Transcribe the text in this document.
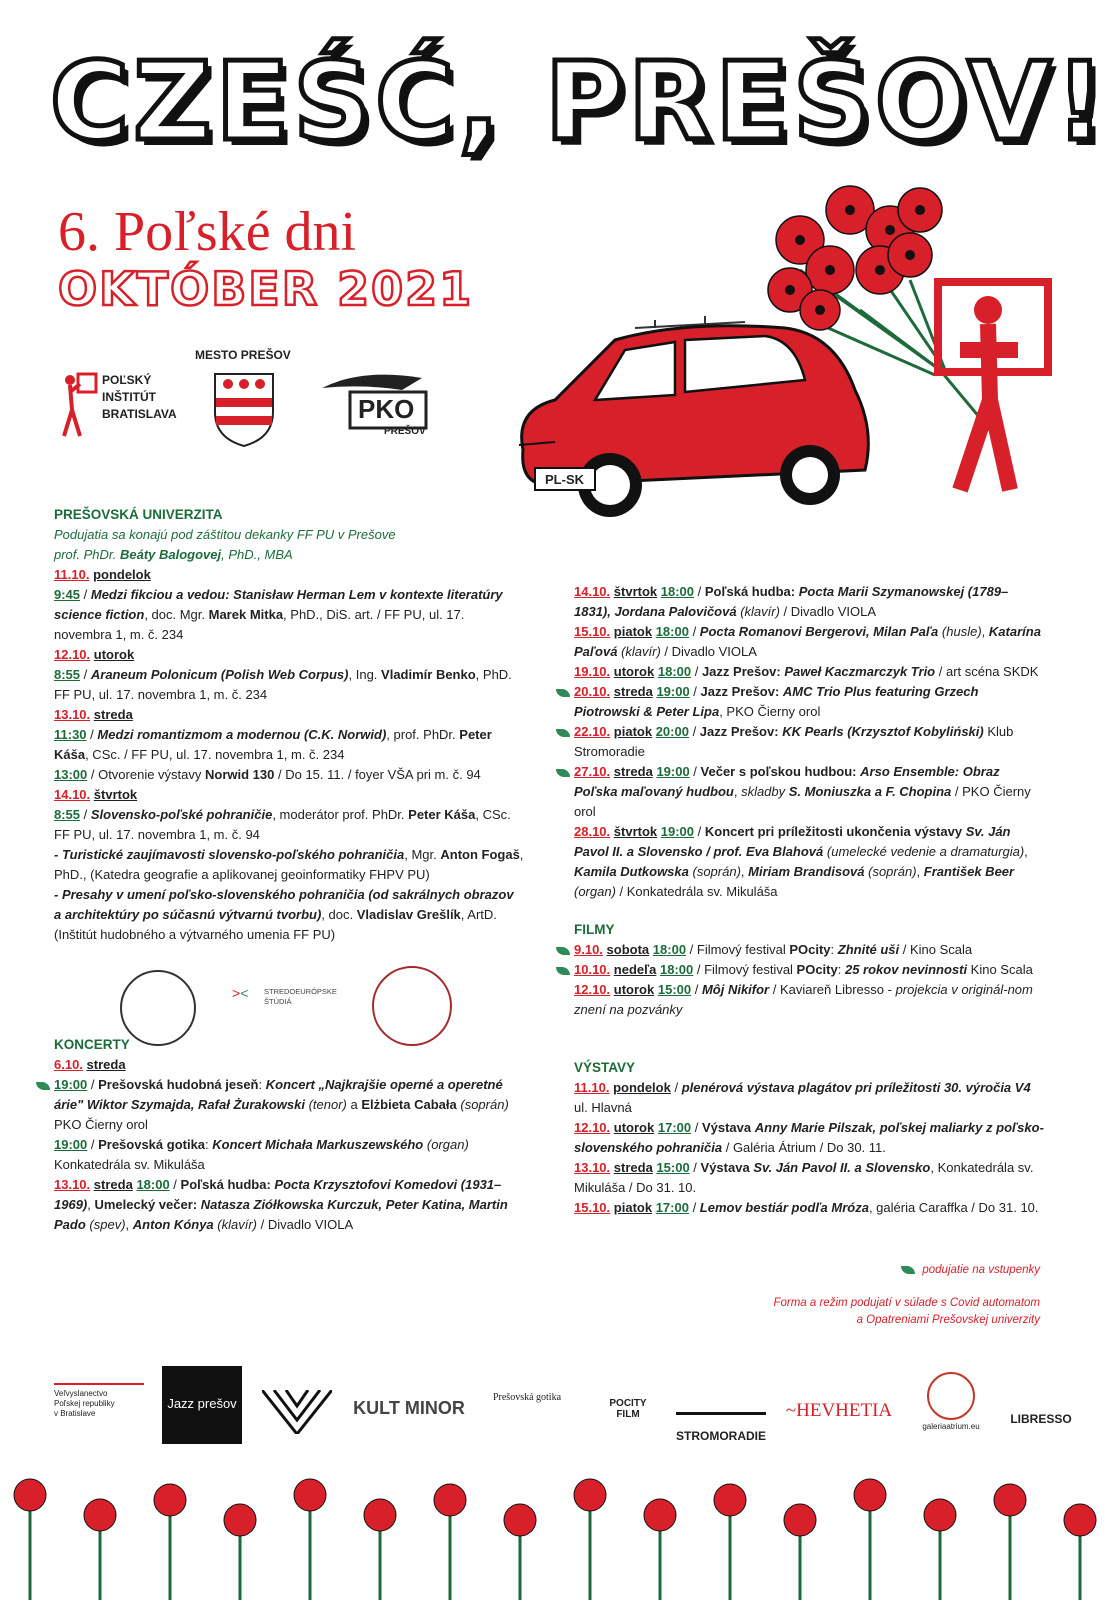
CZEŚĆ, PREŠOV!
6. Poľské dni
OKTÓBER 2021
POĽSKÝ
INŠTITÚT
BRATISLAVA
MESTO PREŠOV
PKO
PREŠOV
PL-SK

PREŠOVSKÁ UNIVERZITA

Podujatia sa konajú pod záštitou dekanky FF PU v Prešove

prof. PhDr. Beáty Balogovej, PhD., MBA

11.10. pondelok

9:45 / Medzi fikciou a vedou: Stanisław Herman Lem v kontexte literatúry science fiction, doc. Mgr. Marek Mitka, PhD., DiS. art. / FF PU, ul. 17. novembra 1, m. č. 234

12.10. utorok

8:55 / Araneum Polonicum (Polish Web Corpus), Ing. Vladimír Benko, PhD. FF PU, ul. 17. novembra 1, m. č. 234

13.10. streda

11:30 / Medzi romantizmom a modernou (C.K. Norwid), prof. PhDr. Peter Káša, CSc. / FF PU, ul. 17. novembra 1, m. č. 234

13:00 / Otvorenie výstavy Norwid 130 / Do 15. 11. / foyer VŠA pri m. č. 94

14.10. štvrtok

8:55 / Slovensko-poľské pohraničie, moderátor prof. PhDr. Peter Káša, CSc. FF PU, ul. 17. novembra 1, m. č. 94

- Turistické zaujímavosti slovensko-poľského pohraničia, Mgr. Anton Fogaš, PhD., (Katedra geografie a aplikovanej geoinformatiky FHPV PU)

- Presahy v umení poľsko-slovenského pohraničia (od sakrálnych obrazov a architektúry po súčasnú výtvarnú tvorbu), doc. Vladislav Grešlík, ArtD. (Inštitút hudobného a výtvarného umenia FF PU)

>< STREDOEURÓPSKE
ŠTÚDIÁ

KONCERTY

6.10. streda

19:00 / Prešovská hudobná jeseň: Koncert „Najkrajšie operné a operetné árie" Wiktor Szymajda, Rafał Żurakowski (tenor) a Elżbieta Cabała (soprán) PKO Čierny orol

19:00 / Prešovská gotika: Koncert Michała Markuszewského (organ) Konkatedrála sv. Mikuláša

13.10. streda 18:00 / Poľská hudba: Pocta Krzysztofovi Komedovi (1931–1969), Umelecký večer: Natasza Ziółkowska Kurczuk, Peter Katina, Martin Pado (spev), Anton Kónya (klavír) / Divadlo VIOLA

14.10. štvrtok 18:00 / Poľská hudba: Pocta Marii Szymanowskej (1789–1831), Jordana Palovičová (klavír) / Divadlo VIOLA

15.10. piatok 18:00 / Pocta Romanovi Bergerovi, Milan Paľa (husle), Katarína Paľová (klavír) / Divadlo VIOLA

19.10. utorok 18:00 / Jazz Prešov: Paweł Kaczmarczyk Trio / art scéna SKDK

20.10. streda 19:00 / Jazz Prešov: AMC Trio Plus featuring Grzech Piotrowski & Peter Lipa, PKO Čierny orol

22.10. piatok 20:00 / Jazz Prešov: KK Pearls (Krzysztof Kobyliński) Klub Stromoradie

27.10. streda 19:00 / Večer s poľskou hudbou: Arso Ensemble: Obraz Poľska maľovaný hudbou, skladby S. Moniuszka a F. Chopina / PKO Čierny orol

28.10. štvrtok 19:00 / Koncert pri príležitosti ukončenia výstavy Sv. Ján Pavol II. a Slovensko / prof. Eva Blahová (umelecké vedenie a dramaturgia), Kamila Dutkowska (soprán), Miriam Brandisová (soprán), František Beer (organ) / Konkatedrála sv. Mikuláša

FILMY

9.10. sobota 18:00 / Filmový festival POcity: Zhnité uši / Kino Scala

10.10. nedeľa 18:00 / Filmový festival POcity: 25 rokov nevinnosti Kino Scala

12.10. utorok 15:00 / Môj Nikifor / Kaviareň Libresso - projekcia v originál-nom znení na pozvánky

VÝSTAVY

11.10. pondelok / plenérová výstava plagátov pri príležitosti 30. výročia V4 ul. Hlavná

12.10. utorok 17:00 / Výstava Anny Marie Pilszak, poľskej maliarky z poľsko-slovenského pohraničia / Galéria Átrium / Do 30. 11.

13.10. streda 15:00 / Výstava Sv. Ján Pavol II. a Slovensko, Konkatedrála sv. Mikuláša / Do 31. 10.

15.10. piatok 17:00 / Lemov bestiár podľa Mróza, galéria Caraffka / Do 31. 10.

podujatie na vstupenky
Forma a režim podujatí v súlade s Covid automatom
a Opatreniami Prešovskej univerzity
Veľvyslanectvo
Poľskej republiky
v Bratislave
Jazz prešov	KULT MINOR
Prešovská gotika
POCITY FILM
STROMORADIE
~HEVHETIA
galeriaatrium.eu
LIBRESSO
